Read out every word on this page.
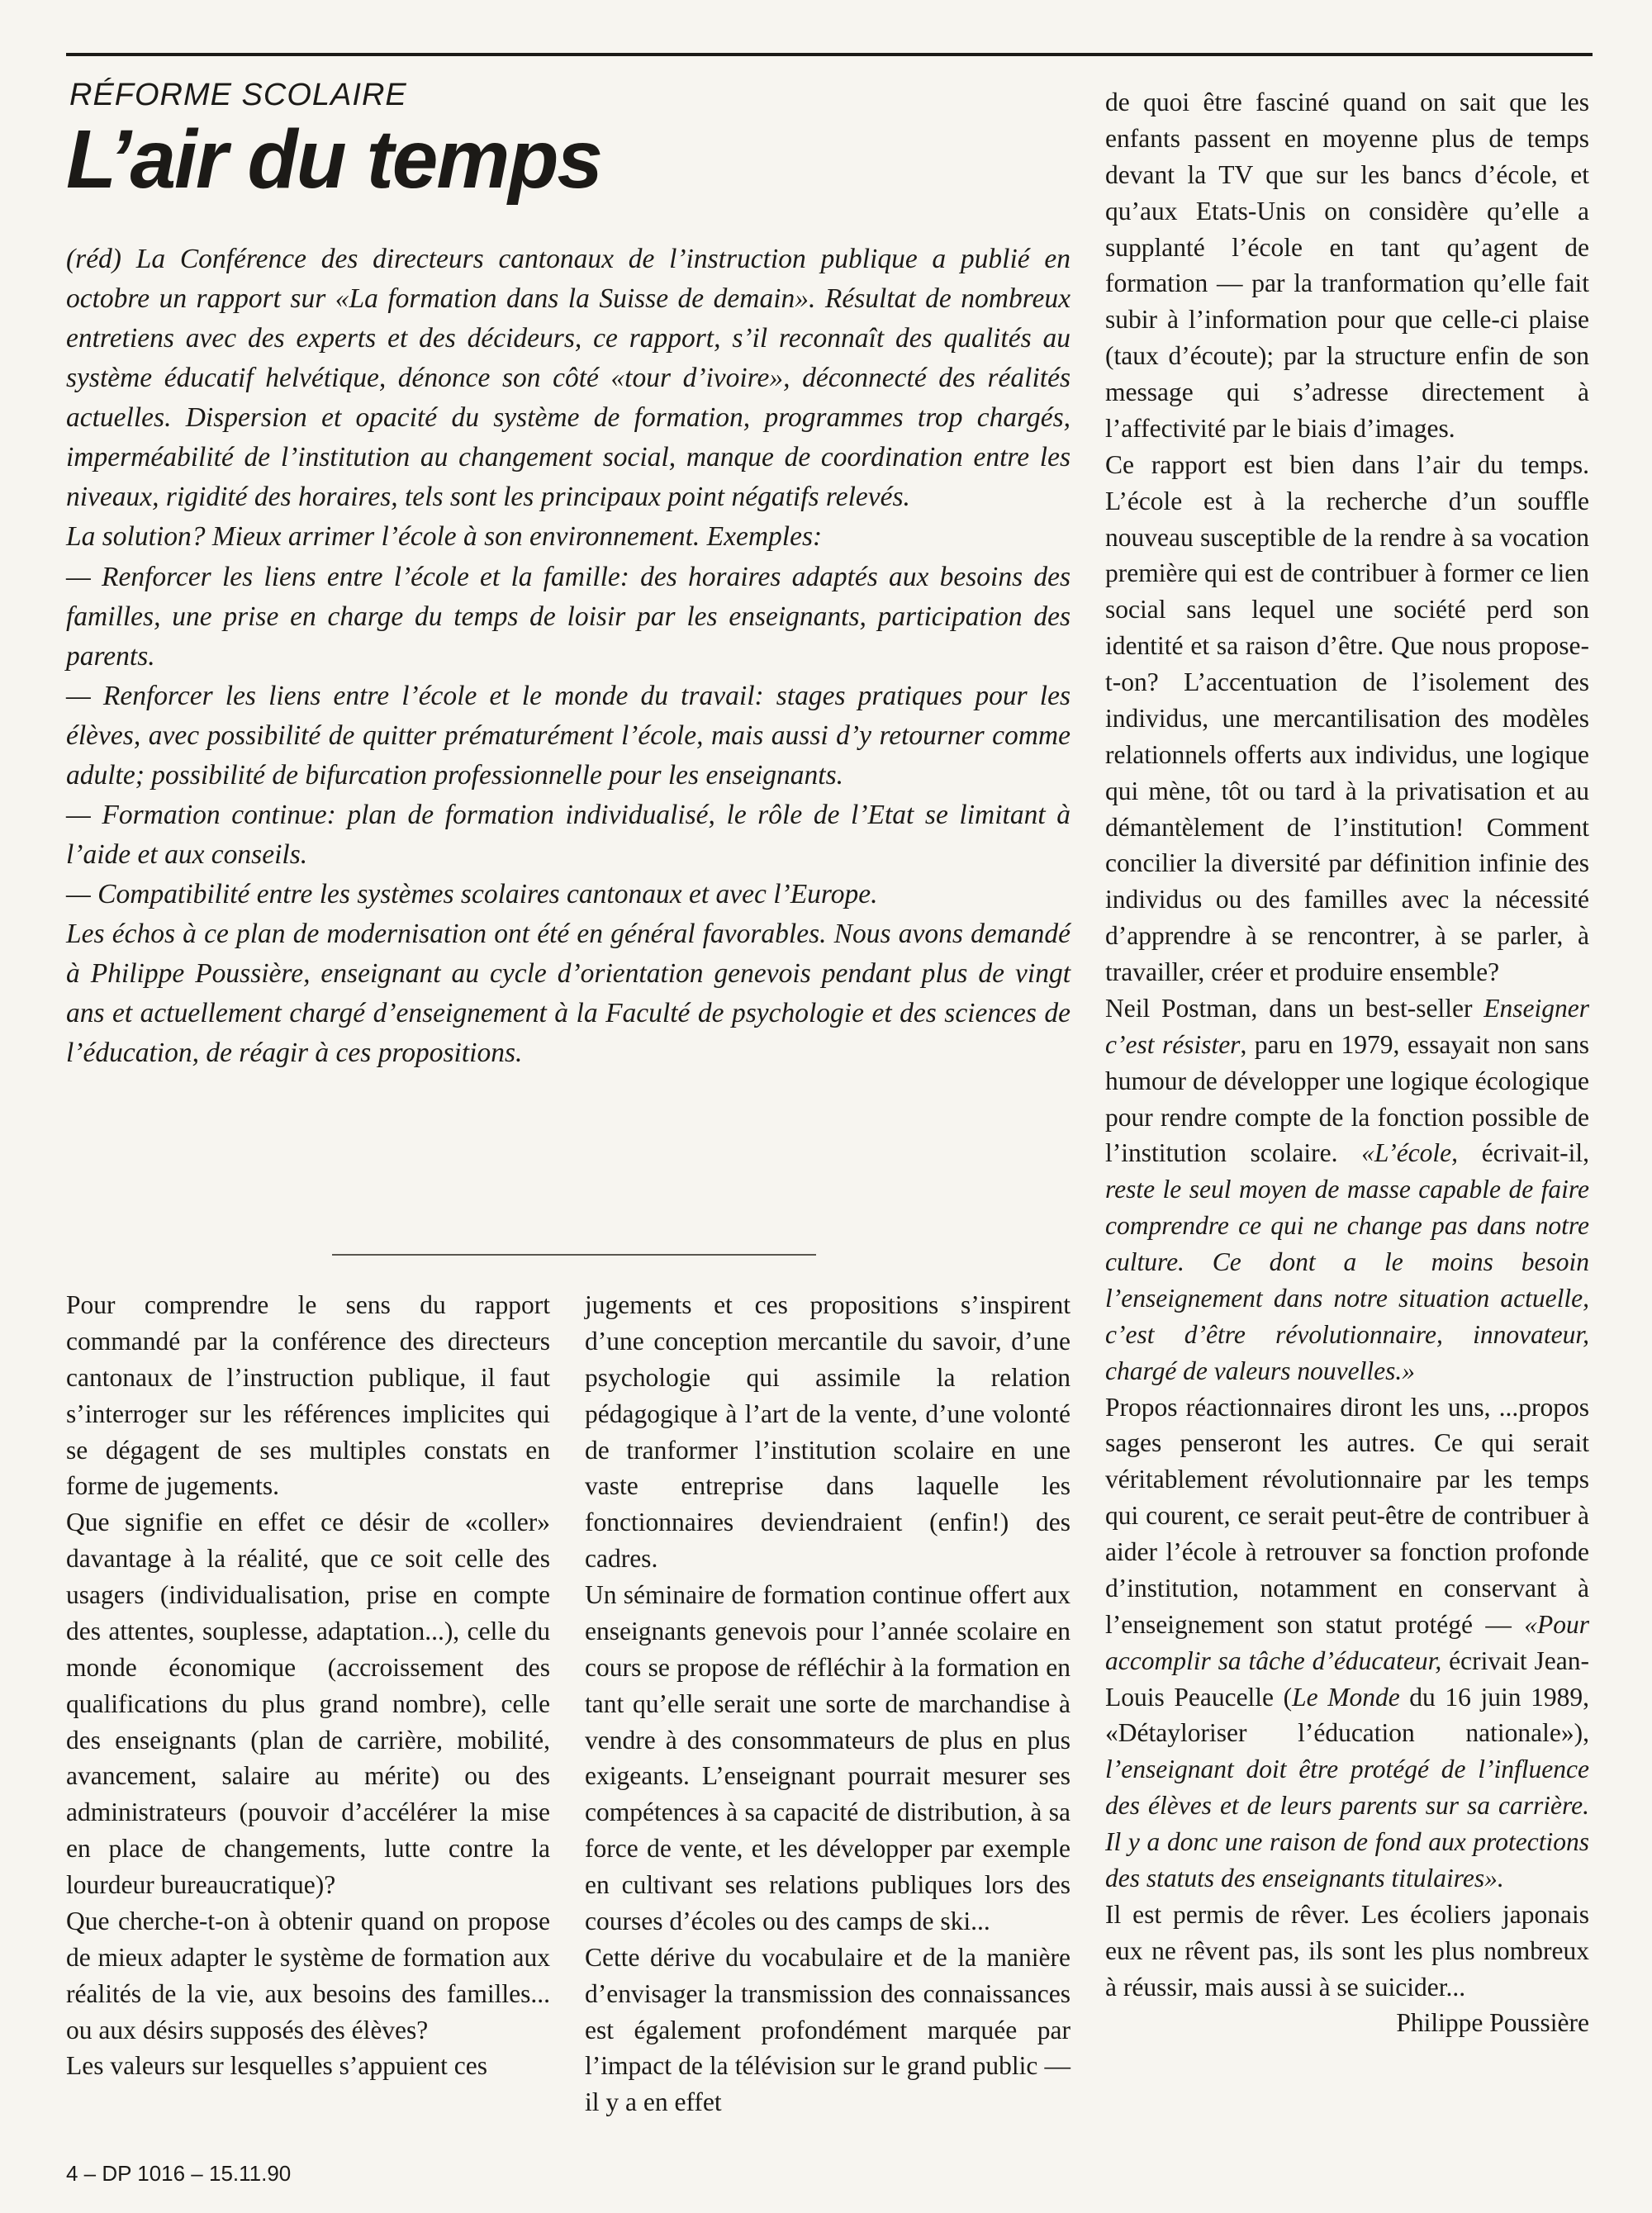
RÉFORME SCOLAIRE
L’air du temps

(réd) La Conférence des directeurs cantonaux de l’instruction publique a publié en octobre un rapport sur «La formation dans la Suisse de demain». Résultat de nombreux entretiens avec des experts et des décideurs, ce rapport, s’il reconnaît des qualités au système éducatif helvétique, dénonce son côté «tour d’ivoire», déconnecté des réalités actuelles. Dispersion et opacité du système de formation, programmes trop chargés, imperméabilité de l’institution au changement social, manque de coordination entre les niveaux, rigidité des horaires, tels sont les principaux point négatifs relevés.

La solution? Mieux arrimer l’école à son environnement. Exemples:

— Renforcer les liens entre l’école et la famille: des horaires adaptés aux besoins des familles, une prise en charge du temps de loisir par les enseignants, participation des parents.

— Renforcer les liens entre l’école et le monde du travail: stages pratiques pour les élèves, avec possibilité de quitter prématurément l’école, mais aussi d’y retourner comme adulte; possibilité de bifurcation professionnelle pour les enseignants.

— Formation continue: plan de formation individualisé, le rôle de l’Etat se limitant à l’aide et aux conseils.

— Compatibilité entre les systèmes scolaires cantonaux et avec l’Europe.

Les échos à ce plan de modernisation ont été en général favorables. Nous avons demandé à Philippe Poussière, enseignant au cycle d’orientation genevois pendant plus de vingt ans et actuellement chargé d’enseignement à la Faculté de psychologie et des sciences de l’éducation, de réagir à ces propositions.

Pour comprendre le sens du rapport commandé par la conférence des directeurs cantonaux de l’instruction publique, il faut s’interroger sur les références implicites qui se dégagent de ses multiples constats en forme de jugements.

Que signifie en effet ce désir de «coller» davantage à la réalité, que ce soit celle des usagers (individualisation, prise en compte des attentes, souplesse, adaptation...), celle du monde économique (accroissement des qualifications du plus grand nombre), celle des enseignants (plan de carrière, mobilité, avancement, salaire au mérite) ou des administrateurs (pouvoir d’accélérer la mise en place de changements, lutte contre la lourdeur bureaucratique)?

Que cherche-t-on à obtenir quand on propose de mieux adapter le système de formation aux réalités de la vie, aux besoins des familles... ou aux désirs supposés des élèves?

Les valeurs sur lesquelles s’appuient ces

jugements et ces propositions s’inspirent d’une conception mercantile du savoir, d’une psychologie qui assimile la relation pédagogique à l’art de la vente, d’une volonté de tranformer l’institution scolaire en une vaste entreprise dans laquelle les fonctionnaires deviendraient (enfin!) des cadres.

Un séminaire de formation continue offert aux enseignants genevois pour l’année scolaire en cours se propose de réfléchir à la formation en tant qu’elle serait une sorte de marchandise à vendre à des consommateurs de plus en plus exigeants. L’enseignant pourrait mesurer ses compétences à sa capacité de distribution, à sa force de vente, et les développer par exemple en cultivant ses relations publiques lors des courses d’écoles ou des camps de ski...

Cette dérive du vocabulaire et de la manière d’envisager la transmission des connaissances est également profondément marquée par l’impact de la télévision sur le grand public — il y a en effet

de quoi être fasciné quand on sait que les enfants passent en moyenne plus de temps devant la TV que sur les bancs d’école, et qu’aux Etats-Unis on considère qu’elle a supplanté l’école en tant qu’agent de formation — par la tranformation qu’elle fait subir à l’information pour que celle-ci plaise (taux d’écoute); par la structure enfin de son message qui s’adresse directement à l’affectivité par le biais d’images.

Ce rapport est bien dans l’air du temps. L’école est à la recherche d’un souffle nouveau susceptible de la rendre à sa vocation première qui est de contribuer à former ce lien social sans lequel une société perd son identité et sa raison d’être. Que nous propose-t-on? L’accentuation de l’isolement des individus, une mercantilisation des modèles relationnels offerts aux individus, une logique qui mène, tôt ou tard à la privatisation et au démantèlement de l’institution! Comment concilier la diversité par définition infinie des individus ou des familles avec la nécessité d’apprendre à se rencontrer, à se parler, à travailler, créer et produire ensemble?

Neil Postman, dans un best-seller Enseigner c’est résister, paru en 1979, essayait non sans humour de développer une logique écologique pour rendre compte de la fonction possible de l’institution scolaire. «L’école, écrivait-il, reste le seul moyen de masse capable de faire comprendre ce qui ne change pas dans notre culture. Ce dont a le moins besoin l’enseignement dans notre situation actuelle, c’est d’être révolutionnaire, innovateur, chargé de valeurs nouvelles.»

Propos réactionnaires diront les uns, ...propos sages penseront les autres. Ce qui serait véritablement révolutionnaire par les temps qui courent, ce serait peut-être de contribuer à aider l’école à retrouver sa fonction profonde d’institution, notamment en conservant à l’enseignement son statut protégé — «Pour accomplir sa tâche d’éducateur, écrivait Jean-Louis Peaucelle (Le Monde du 16 juin 1989, «Détayloriser l’éducation nationale»), l’enseignant doit être protégé de l’influence des élèves et de leurs parents sur sa carrière. Il y a donc une raison de fond aux protections des statuts des enseignants titulaires».

Il est permis de rêver. Les écoliers japonais eux ne rêvent pas, ils sont les plus nombreux à réussir, mais aussi à se suicider...
Philippe Poussière

4 – DP 1016 – 15.11.90
